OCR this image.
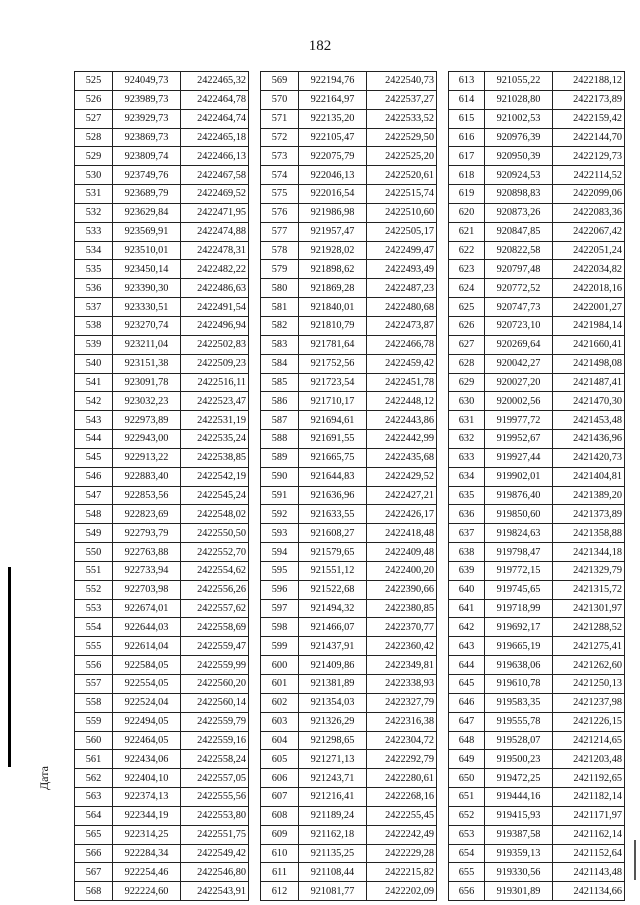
182
525	924049,73	2422465,32
526	923989,73	2422464,78
527	923929,73	2422464,74
528	923869,73	2422465,18
529	923809,74	2422466,13
530	923749,76	2422467,58
531	923689,79	2422469,52
532	923629,84	2422471,95
533	923569,91	2422474,88
534	923510,01	2422478,31
535	923450,14	2422482,22
536	923390,30	2422486,63
537	923330,51	2422491,54
538	923270,74	2422496,94
539	923211,04	2422502,83
540	923151,38	2422509,23
541	923091,78	2422516,11
542	923032,23	2422523,47
543	922973,89	2422531,19
544	922943,00	2422535,24
545	922913,22	2422538,85
546	922883,40	2422542,19
547	922853,56	2422545,24
548	922823,69	2422548,02
549	922793,79	2422550,50
550	922763,88	2422552,70
551	922733,94	2422554,62
552	922703,98	2422556,26
553	922674,01	2422557,62
554	922644,03	2422558,69
555	922614,04	2422559,47
556	922584,05	2422559,99
557	922554,05	2422560,20
558	922524,04	2422560,14
559	922494,05	2422559,79
560	922464,05	2422559,16
561	922434,06	2422558,24
562	922404,10	2422557,05
563	922374,13	2422555,56
564	922344,19	2422553,80
565	922314,25	2422551,75
566	922284,34	2422549,42
567	922254,46	2422546,80
568	922224,60	2422543,91
569	922194,76	2422540,73
570	922164,97	2422537,27
571	922135,20	2422533,52
572	922105,47	2422529,50
573	922075,79	2422525,20
574	922046,13	2422520,61
575	922016,54	2422515,74
576	921986,98	2422510,60
577	921957,47	2422505,17
578	921928,02	2422499,47
579	921898,62	2422493,49
580	921869,28	2422487,23
581	921840,01	2422480,68
582	921810,79	2422473,87
583	921781,64	2422466,78
584	921752,56	2422459,42
585	921723,54	2422451,78
586	921710,17	2422448,12
587	921694,61	2422443,86
588	921691,55	2422442,99
589	921665,75	2422435,68
590	921644,83	2422429,52
591	921636,96	2422427,21
592	921633,55	2422426,17
593	921608,27	2422418,48
594	921579,65	2422409,48
595	921551,12	2422400,20
596	921522,68	2422390,66
597	921494,32	2422380,85
598	921466,07	2422370,77
599	921437,91	2422360,42
600	921409,86	2422349,81
601	921381,89	2422338,93
602	921354,03	2422327,79
603	921326,29	2422316,38
604	921298,65	2422304,72
605	921271,13	2422292,79
606	921243,71	2422280,61
607	921216,41	2422268,16
608	921189,24	2422255,45
609	921162,18	2422242,49
610	921135,25	2422229,28
611	921108,44	2422215,82
612	921081,77	2422202,09
613	921055,22	2422188,12
614	921028,80	2422173,89
615	921002,53	2422159,42
616	920976,39	2422144,70
617	920950,39	2422129,73
618	920924,53	2422114,52
619	920898,83	2422099,06
620	920873,26	2422083,36
621	920847,85	2422067,42
622	920822,58	2422051,24
623	920797,48	2422034,82
624	920772,52	2422018,16
625	920747,73	2422001,27
626	920723,10	2421984,14
627	920269,64	2421660,41
628	920042,27	2421498,08
629	920027,20	2421487,41
630	920002,56	2421470,30
631	919977,72	2421453,48
632	919952,67	2421436,96
633	919927,44	2421420,73
634	919902,01	2421404,81
635	919876,40	2421389,20
636	919850,60	2421373,89
637	919824,63	2421358,88
638	919798,47	2421344,18
639	919772,15	2421329,79
640	919745,65	2421315,72
641	919718,99	2421301,97
642	919692,17	2421288,52
643	919665,19	2421275,41
644	919638,06	2421262,60
645	919610,78	2421250,13
646	919583,35	2421237,98
647	919555,78	2421226,15
648	919528,07	2421214,65
649	919500,23	2421203,48
650	919472,25	2421192,65
651	919444,16	2421182,14
652	919415,93	2421171,97
653	919387,58	2421162,14
654	919359,13	2421152,64
655	919330,56	2421143,48
656	919301,89	2421134,66
Дата
